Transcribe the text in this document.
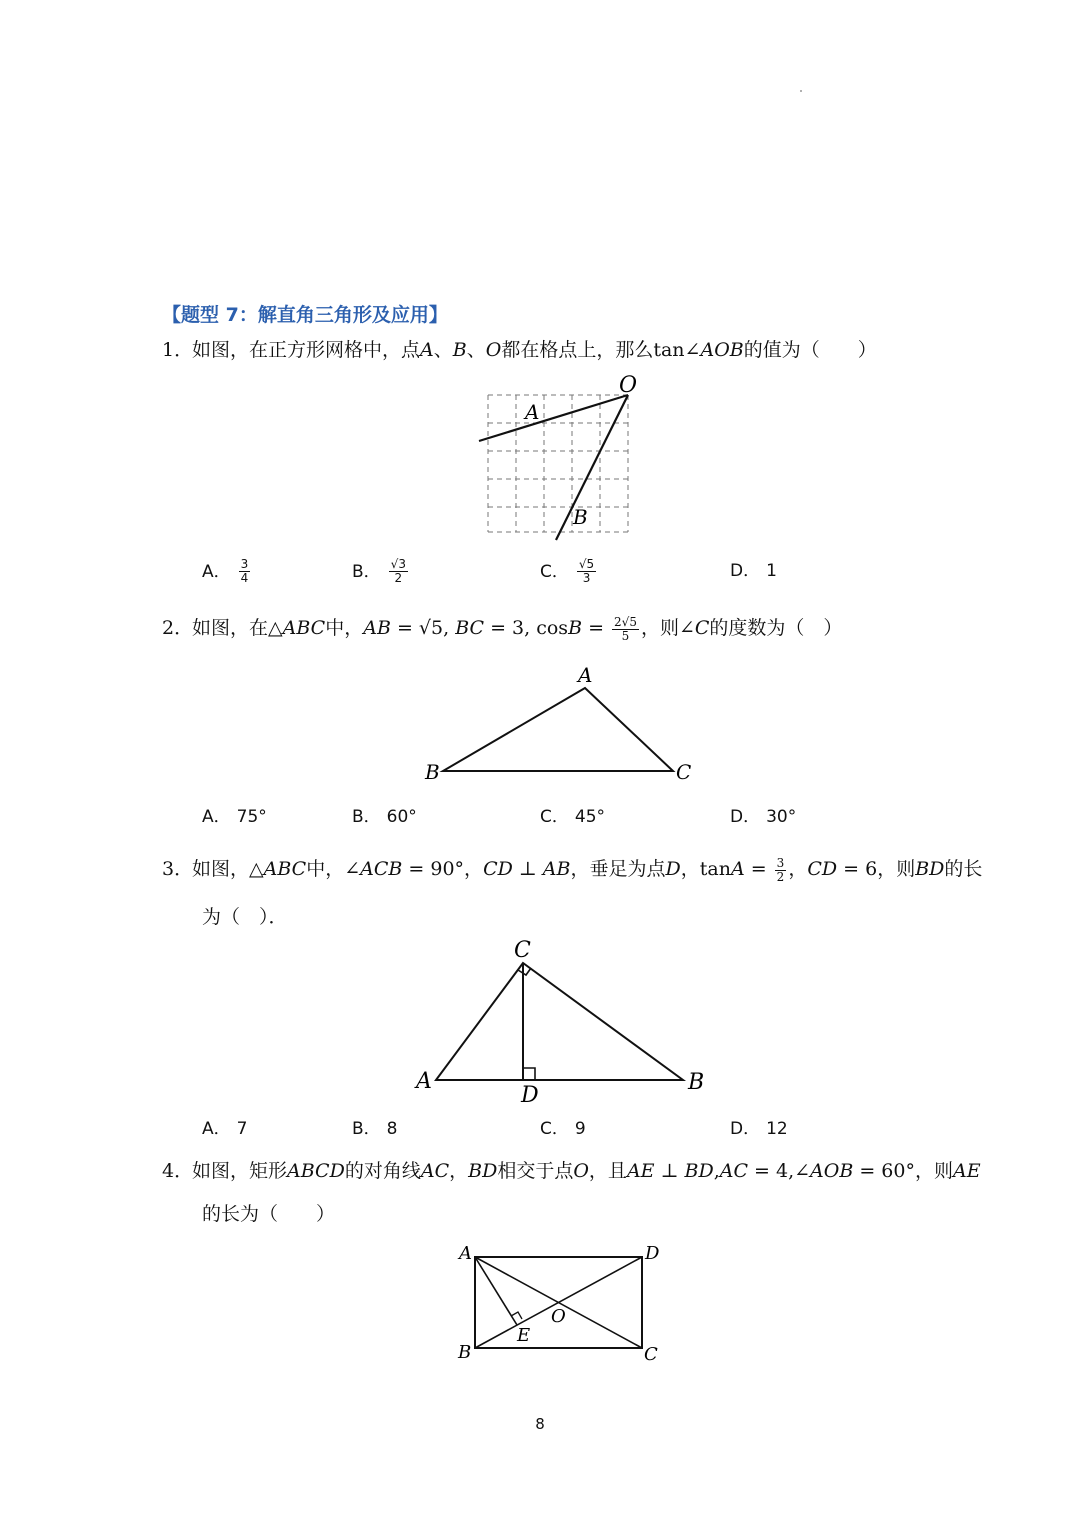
【题型 7：解直角三角形及应用】
1．如图，在正方形网格中，点A、B、O都在格点上，那么tan∠AOB的值为（　　）
O
A
B
A． $\frac{3}{4}$	B． $\frac{√3}{2}$	C． $\frac{√5}{3}$	D． 1
2．如图，在△ABC中，AB = √5, BC = 3, $\cos B = \frac{2√5}{5}$ ，则∠C的度数为（　）
A
B	C
A． 75°	B． 60°	C． 45°	D． 30°
3．如图，△ABC中，∠ACB = 90°，CD ⊥ AB，垂足为点D，$\tan A = \frac{3}{2}$ ，CD = 6，则BD的长
为（　）．
C
A	B
D
A． 7	B． 8	C． 9	D． 12
4．如图，矩形ABCD的对角线AC，BD相交于点O，且AE ⊥ BD,AC = 4,∠AOB = 60°，则AE
的长为（　　）
A	D
B	C
O
E
8
